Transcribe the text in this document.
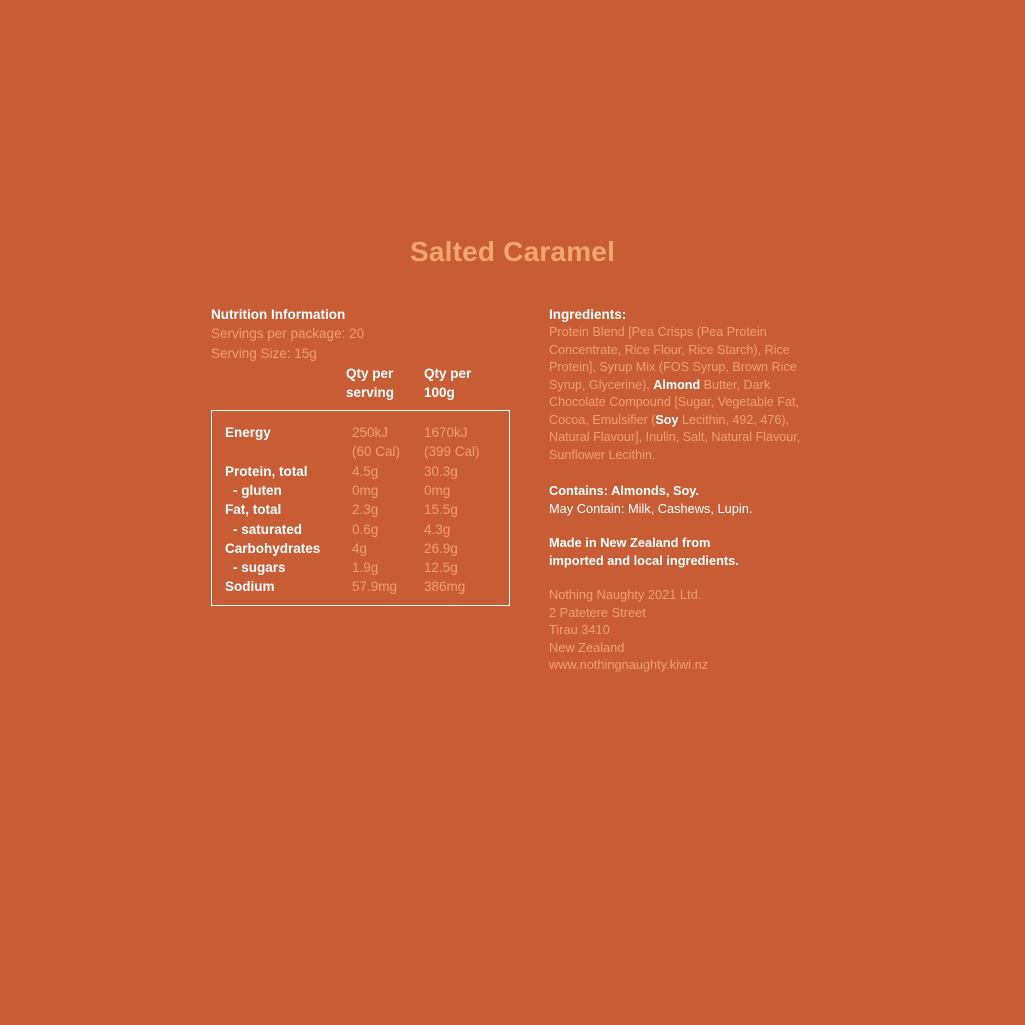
Salted Caramel
Nutrition Information
Servings per package: 20
Serving Size: 15g
Qty per
serving
Qty per
100g
Energy	250kJ	1670kJ
(60 Cal) (399 Cal)
Protein, total	4.5g	30.3g
- gluten	0mg	0mg
Fat, total	2.3g	15.5g
- saturated	0.6g	4.3g
Carbohydrates 4g	26.9g
- sugars	1.9g	12.5g
Sodium	57.9mg 386mg
Ingredients:
Protein Blend [Pea Crisps (Pea Protein Concentrate, Rice Flour, Rice Starch), Rice Protein], Syrup Mix (FOS Syrup, Brown Rice Syrup, Glycerine), Almond Butter, Dark Chocolate Compound [Sugar, Vegetable Fat, Cocoa, Emulsifier (Soy Lecithin, 492, 476), Natural Flavour], Inulin, Salt, Natural Flavour, Sunflower Lecithin.
Contains: Almonds, Soy.
May Contain: Milk, Cashews, Lupin.
Made in New Zealand from
imported and local ingredients.
Nothing Naughty 2021 Ltd.
2 Patetere Street
Tirau 3410
New Zealand
www.nothingnaughty.kiwi.nz
